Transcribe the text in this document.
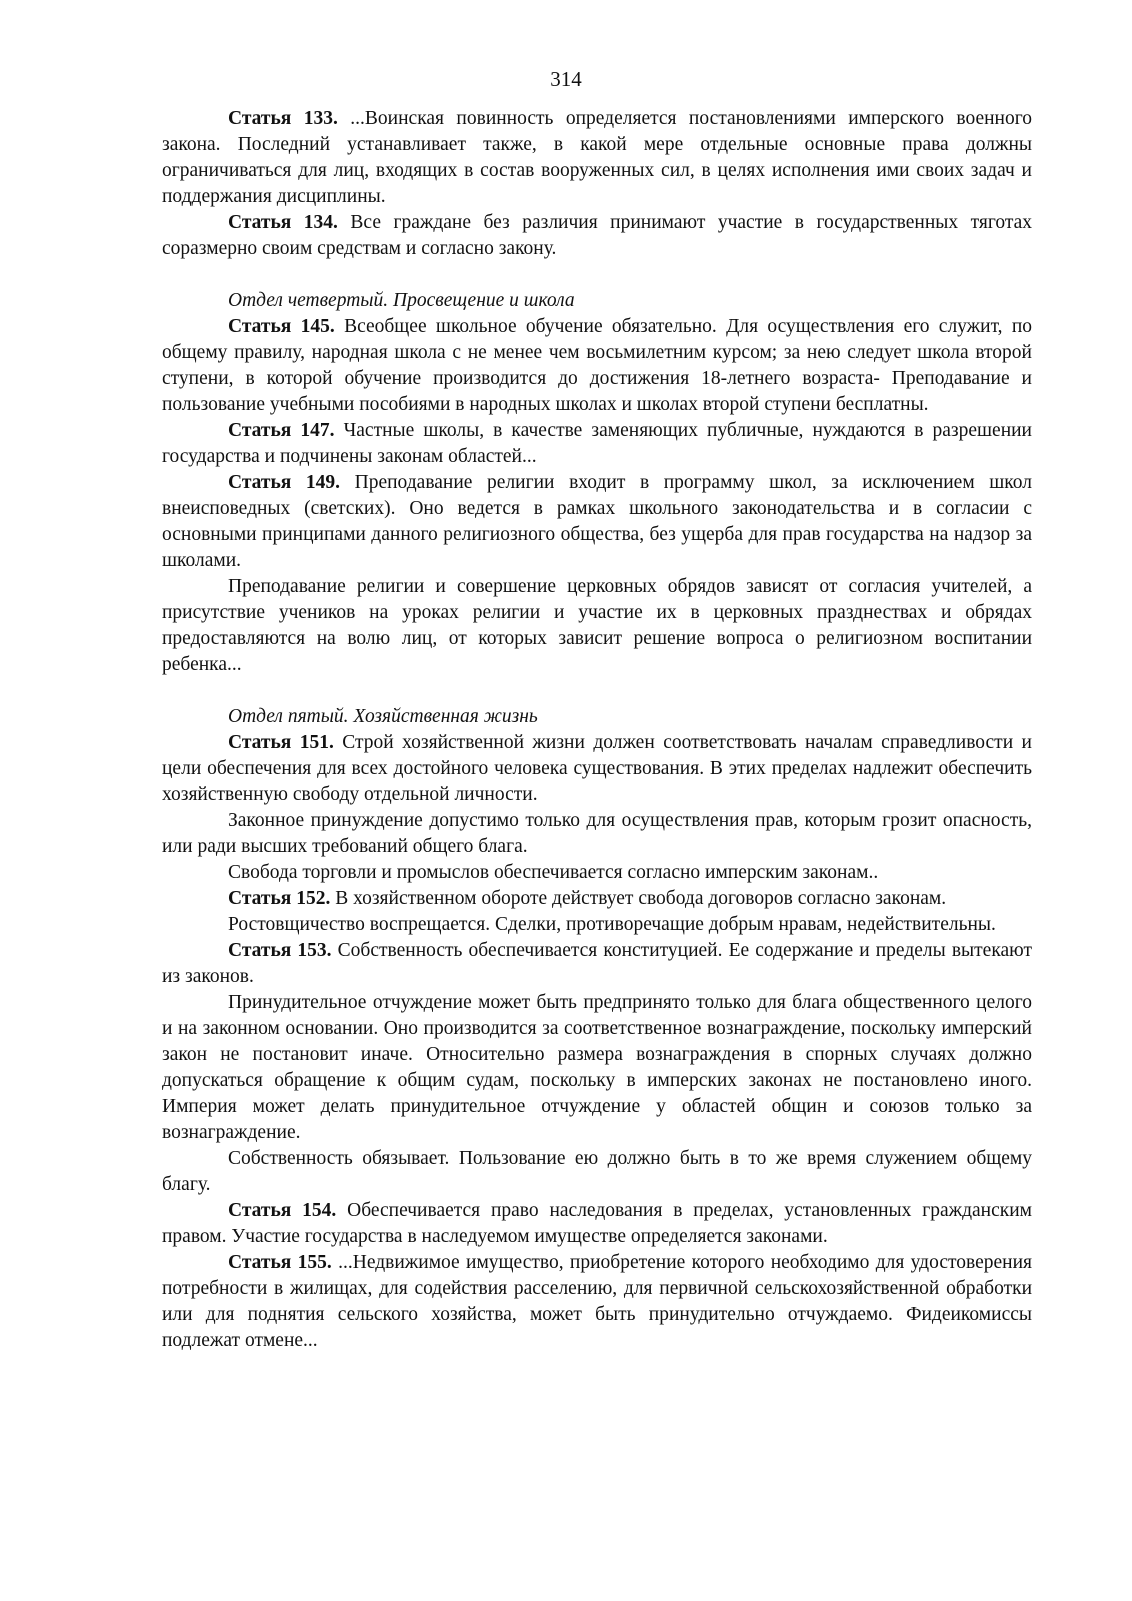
314

Статья 133. ...Воинская повинность определяется постановлениями имперского военного закона. Последний устанавливает также, в какой мере отдельные основные права должны ограничиваться для лиц, входящих в состав вооруженных сил, в целях исполнения ими своих задач и поддержания дисциплины.

Статья 134. Все граждане без различия принимают участие в государственных тяготах соразмерно своим средствам и согласно закону.

Отдел четвертый. Просвещение и школа

Статья 145. Всеобщее школьное обучение обязательно. Для осуществления его служит, по общему правилу, народная школа с не менее чем восьмилетним курсом; за нею следует школа второй ступени, в которой обучение производится до достижения 18-летнего возраста- Преподавание и пользование учебными пособиями в народных школах и школах второй ступени бесплатны.

Статья 147. Частные школы, в качестве заменяющих публичные, нуждаются в разрешении государства и подчинены законам областей...

Статья 149. Преподавание религии входит в программу школ, за исключением школ внеисповедных (светских). Оно ведется в рамках школьного законодательства и в согласии с основными принципами данного религиозного общества, без ущерба для прав государства на надзор за школами.

Преподавание религии и совершение церковных обрядов зависят от согласия учителей, а присутствие учеников на уроках религии и участие их в церковных празднествах и обрядах предоставляются на волю лиц, от которых зависит решение вопроса о религиозном воспитании ребенка...

Отдел пятый. Хозяйственная жизнь

Статья 151. Строй хозяйственной жизни должен соответствовать началам справедливости и цели обеспечения для всех достойного человека существования. В этих пределах надлежит обеспечить хозяйственную свободу отдельной личности.

Законное принуждение допустимо только для осуществления прав, которым грозит опасность, или ради высших требований общего блага.

Свобода торговли и промыслов обеспечивается согласно имперским законам..

Статья 152. В хозяйственном обороте действует свобода договоров согласно законам.

Ростовщичество воспрещается. Сделки, противоречащие добрым нравам, недействительны.

Статья 153. Собственность обеспечивается конституцией. Ее содержание и пределы вытекают из законов.

Принудительное отчуждение может быть предпринято только для блага общественного целого и на законном основании. Оно производится за соответственное вознаграждение, поскольку имперский закон не постановит иначе. Относительно размера вознаграждения в спорных случаях должно допускаться обращение к общим судам, поскольку в имперских законах не постановлено иного. Империя может делать принудительное отчуждение у областей общин и союзов только за вознаграждение.

Собственность обязывает. Пользование ею должно быть в то же время служением общему благу.

Статья 154. Обеспечивается право наследования в пределах, установленных гражданским правом. Участие государства в наследуемом имуществе определяется законами.

Статья 155. ...Недвижимое имущество, приобретение которого необходимо для удостоверения потребности в жилищах, для содействия расселению, для первичной сельскохозяйственной обработки или для поднятия сельского хозяйства, может быть принудительно отчуждаемо. Фидеикомиссы подлежат отмене...
